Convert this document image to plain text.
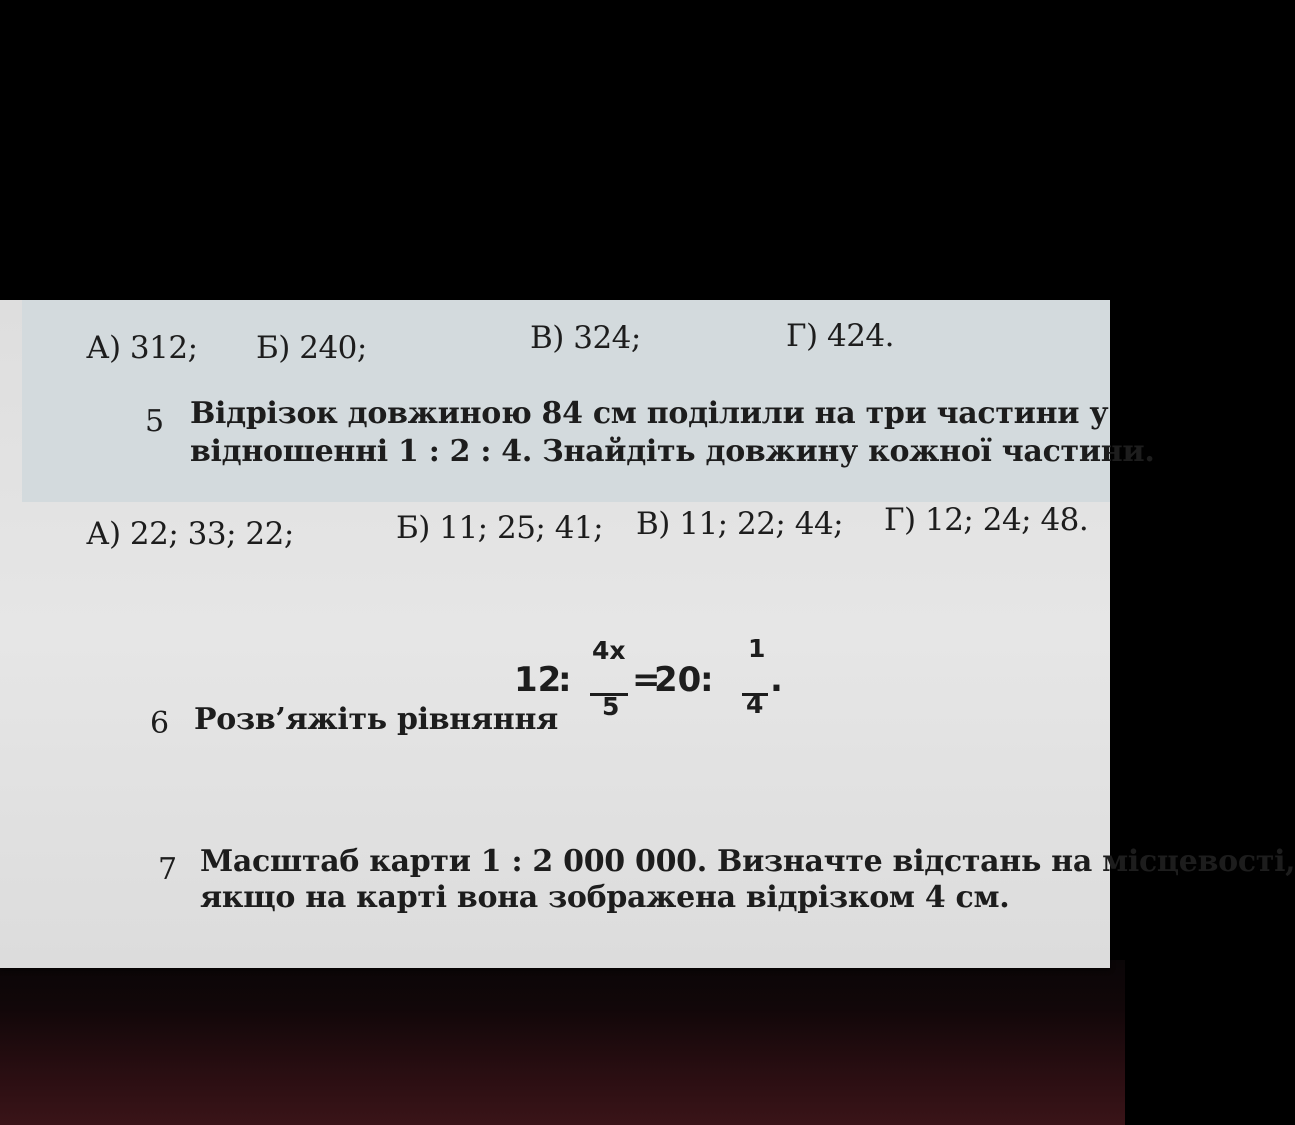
А) 312; Б) 240;	В) 324;	Г) 424.
5 Відрізок довжиною 84 см поділили на три частини у
відношенні 1 : 2 : 4. Знайдіть довжину кожної частини.
А) 22; 33; 22;	Б) 11; 25; 41; В) 11; 22; 44; Г) 12; 24; 48.
6 Розв’яжіть рівняння
7 Масштаб карти 1 : 2 000 000. Визначте відстань на місцевості,
якщо на карті вона зображена відрізком 4 см.
12
:
4x
5
=
20
:
1
4
.
